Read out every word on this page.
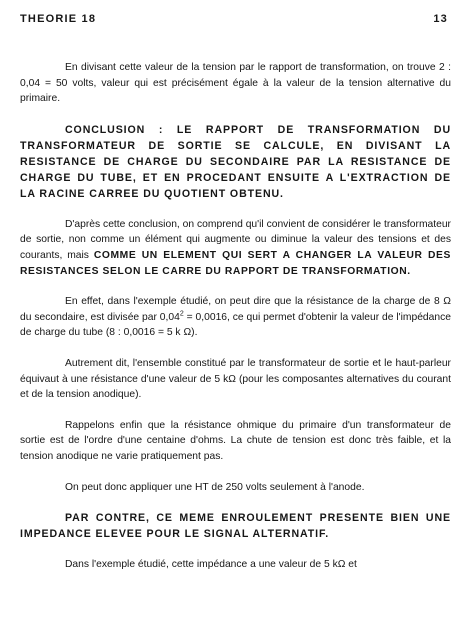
THEORIE 18	13

En divisant cette valeur de la tension par le rapport de transformation, on trouve 2 : 0,04 = 50 volts, valeur qui est précisément égale à la valeur de la tension alternative du primaire.

CONCLUSION : LE RAPPORT DE TRANSFORMATION DU TRANSFORMATEUR DE SORTIE SE CALCULE, EN DIVISANT LA RESISTANCE DE CHARGE DU SECONDAIRE PAR LA RESISTANCE DE CHARGE DU TUBE, ET EN PROCEDANT ENSUITE A L'EXTRACTION DE LA RACINE CARREE DU QUOTIENT OBTENU.

D'après cette conclusion, on comprend qu'il convient de considérer le transformateur de sortie, non comme un élément qui augmente ou diminue la valeur des tensions et des courants, mais COMME UN ELEMENT QUI SERT A CHANGER LA VALEUR DES RESISTANCES SELON LE CARRE DU RAPPORT DE TRANSFORMATION.

En effet, dans l'exemple étudié, on peut dire que la résistance de la charge de 8 Ω du secondaire, est divisée par $0,04^2 = 0,0016$, ce qui permet d'obtenir la valeur de l'impédance de charge du tube (8 : 0,0016 = 5 k Ω).

Autrement dit, l'ensemble constitué par le transformateur de sortie et le haut-parleur équivaut à une résistance d'une valeur de 5 kΩ (pour les composantes alternatives du courant et de la tension anodique).

Rappelons enfin que la résistance ohmique du primaire d'un transformateur de sortie est de l'ordre d'une centaine d'ohms. La chute de tension est donc très faible, et la tension anodique ne varie pratiquement pas.

On peut donc appliquer une HT de 250 volts seulement à l'anode.

PAR CONTRE, CE MEME ENROULEMENT PRESENTE BIEN UNE IMPEDANCE ELEVEE POUR LE SIGNAL ALTERNATIF.

Dans l'exemple étudié, cette impédance a une valeur de 5 kΩ et
